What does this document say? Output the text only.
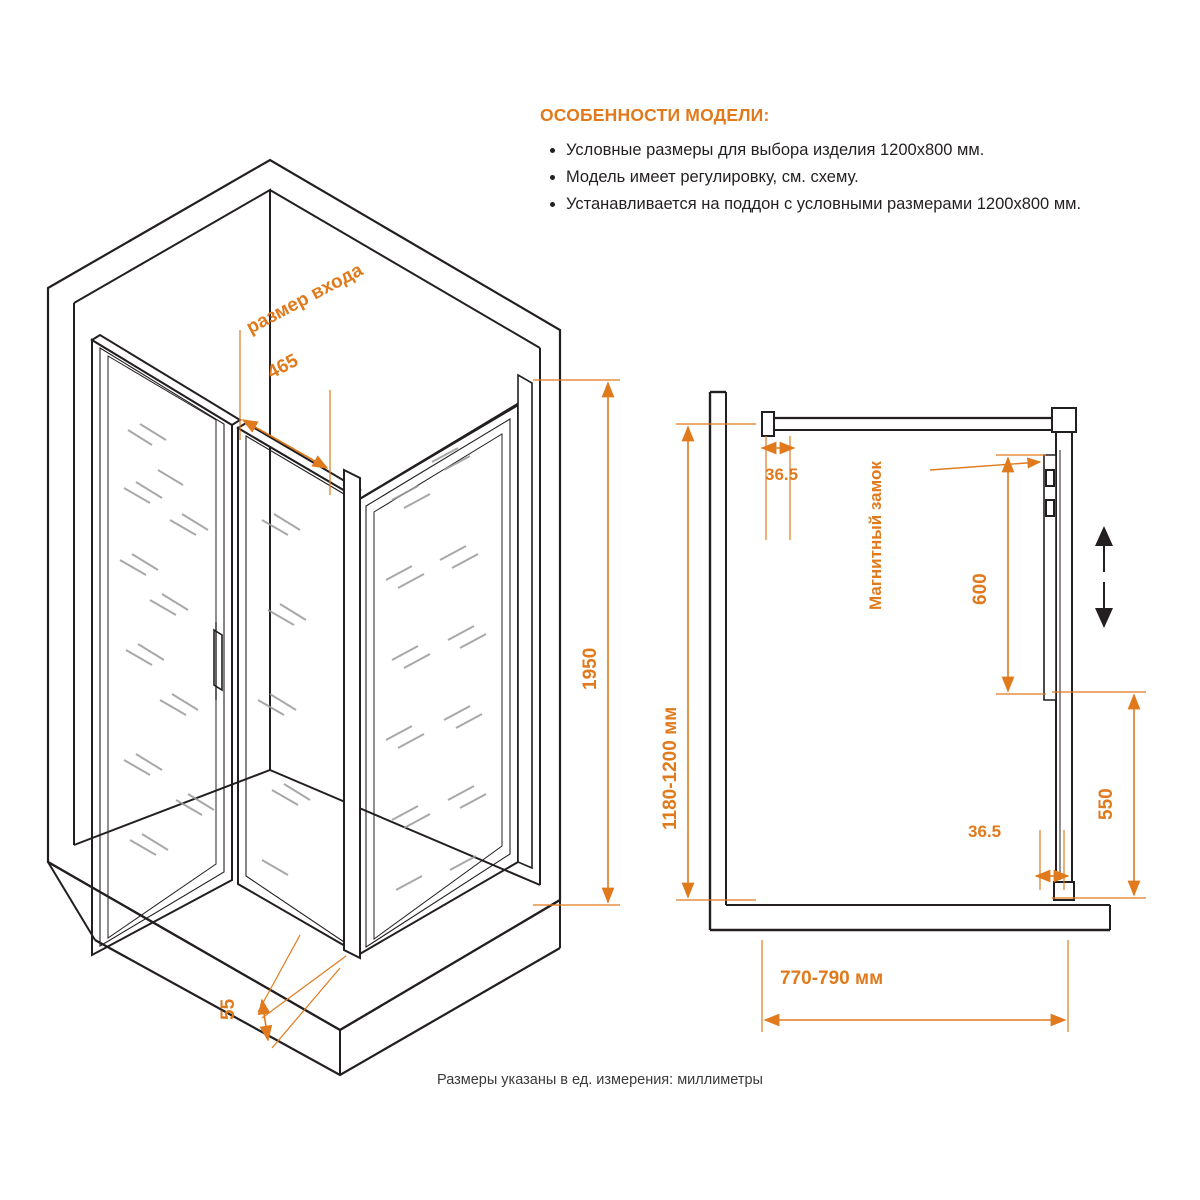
ОСОБЕННОСТИ МОДЕЛИ:

• Условные размеры для выбора изделия 1200x800 мм.
• Модель имеет регулировку, см. схему.
• Устанавливается на поддон с условными размерами 1200x800 мм.
размер входа
465
1950
55
1180-1200 мм
36.5	Магнитный замок	600
550
36.5
770-790 мм
Размеры указаны в ед. измерения: миллиметры
